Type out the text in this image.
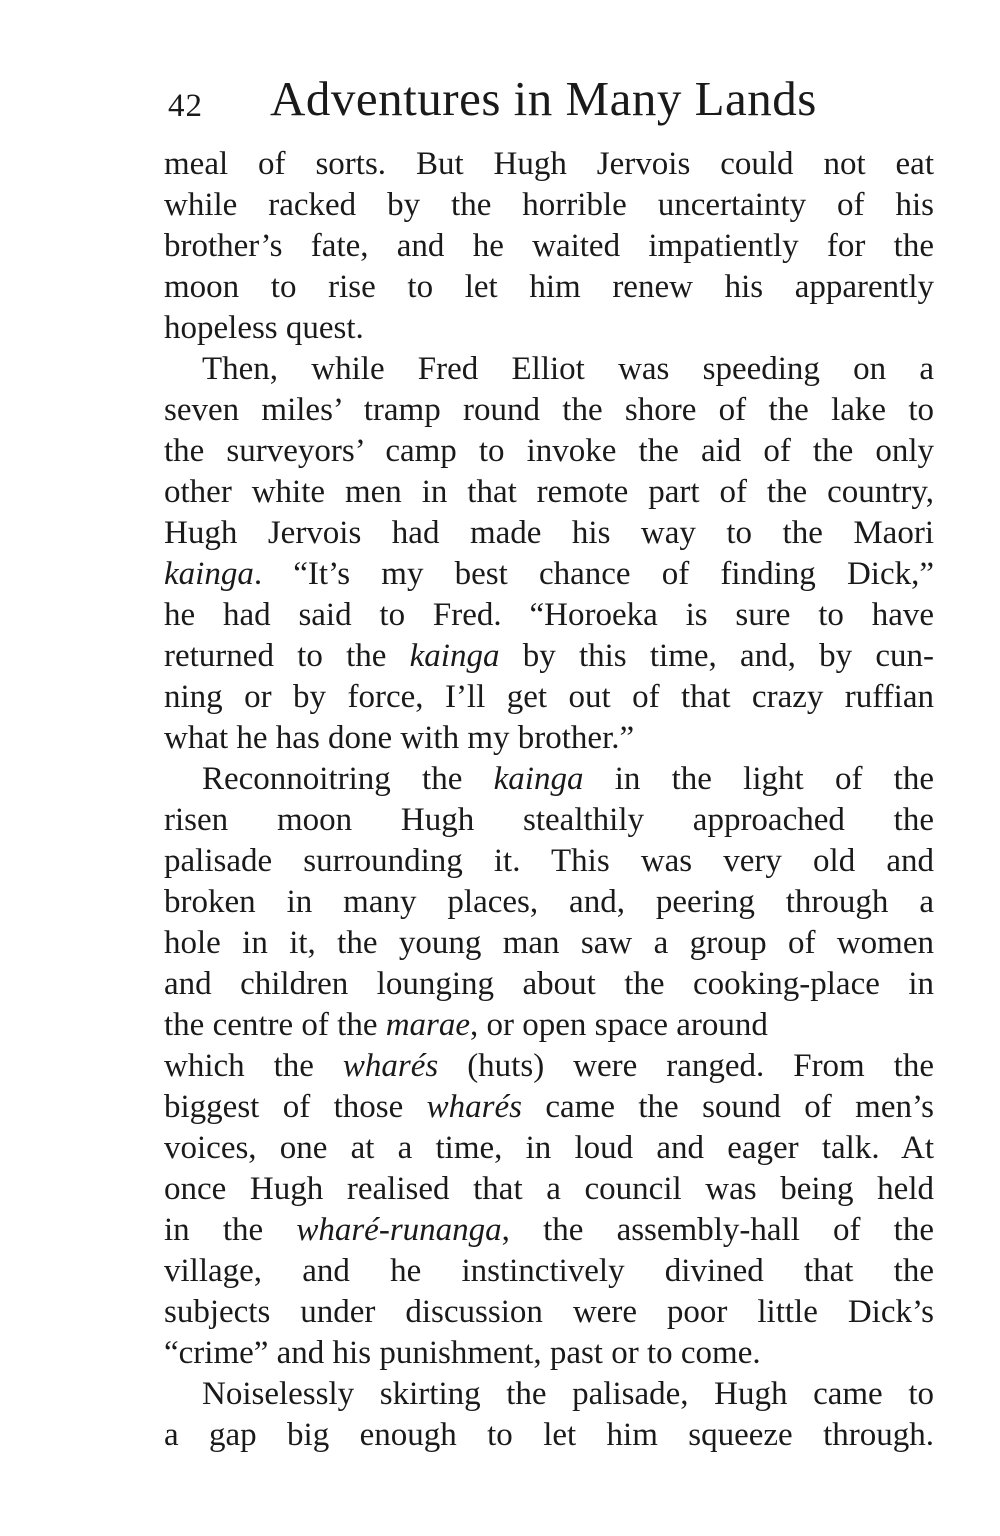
42 Adventures in Many Lands
meal of sorts. But Hugh Jervois could not eat
while racked by the horrible uncertainty of his
brother’s fate, and he waited impatiently for the
moon to rise to let him renew his apparently
hopeless quest.
Then, while Fred Elliot was speeding on a
seven miles’ tramp round the shore of the lake to
the surveyors’ camp to invoke the aid of the only
other white men in that remote part of the country,
Hugh Jervois had made his way to the Maori
kainga. “It’s my best chance of finding Dick,”
he had said to Fred. “Horoeka is sure to have
returned to the kainga by this time, and, by cun-
ning or by force, I’ll get out of that crazy ruffian
what he has done with my brother.”
Reconnoitring the kainga in the light of the
risen moon Hugh stealthily approached the
palisade surrounding it. This was very old and
broken in many places, and, peering through a
hole in it, the young man saw a group of women
and children lounging about the cooking-place in
the centre of the marae, or open space around
which the wharés (huts) were ranged. From the
biggest of those wharés came the sound of men’s
voices, one at a time, in loud and eager talk. At
once Hugh realised that a council was being held
in the wharé-runanga, the assembly-hall of the
village, and he instinctively divined that the
subjects under discussion were poor little Dick’s
“crime” and his punishment, past or to come.
Noiselessly skirting the palisade, Hugh came to
a gap big enough to let him squeeze through.
